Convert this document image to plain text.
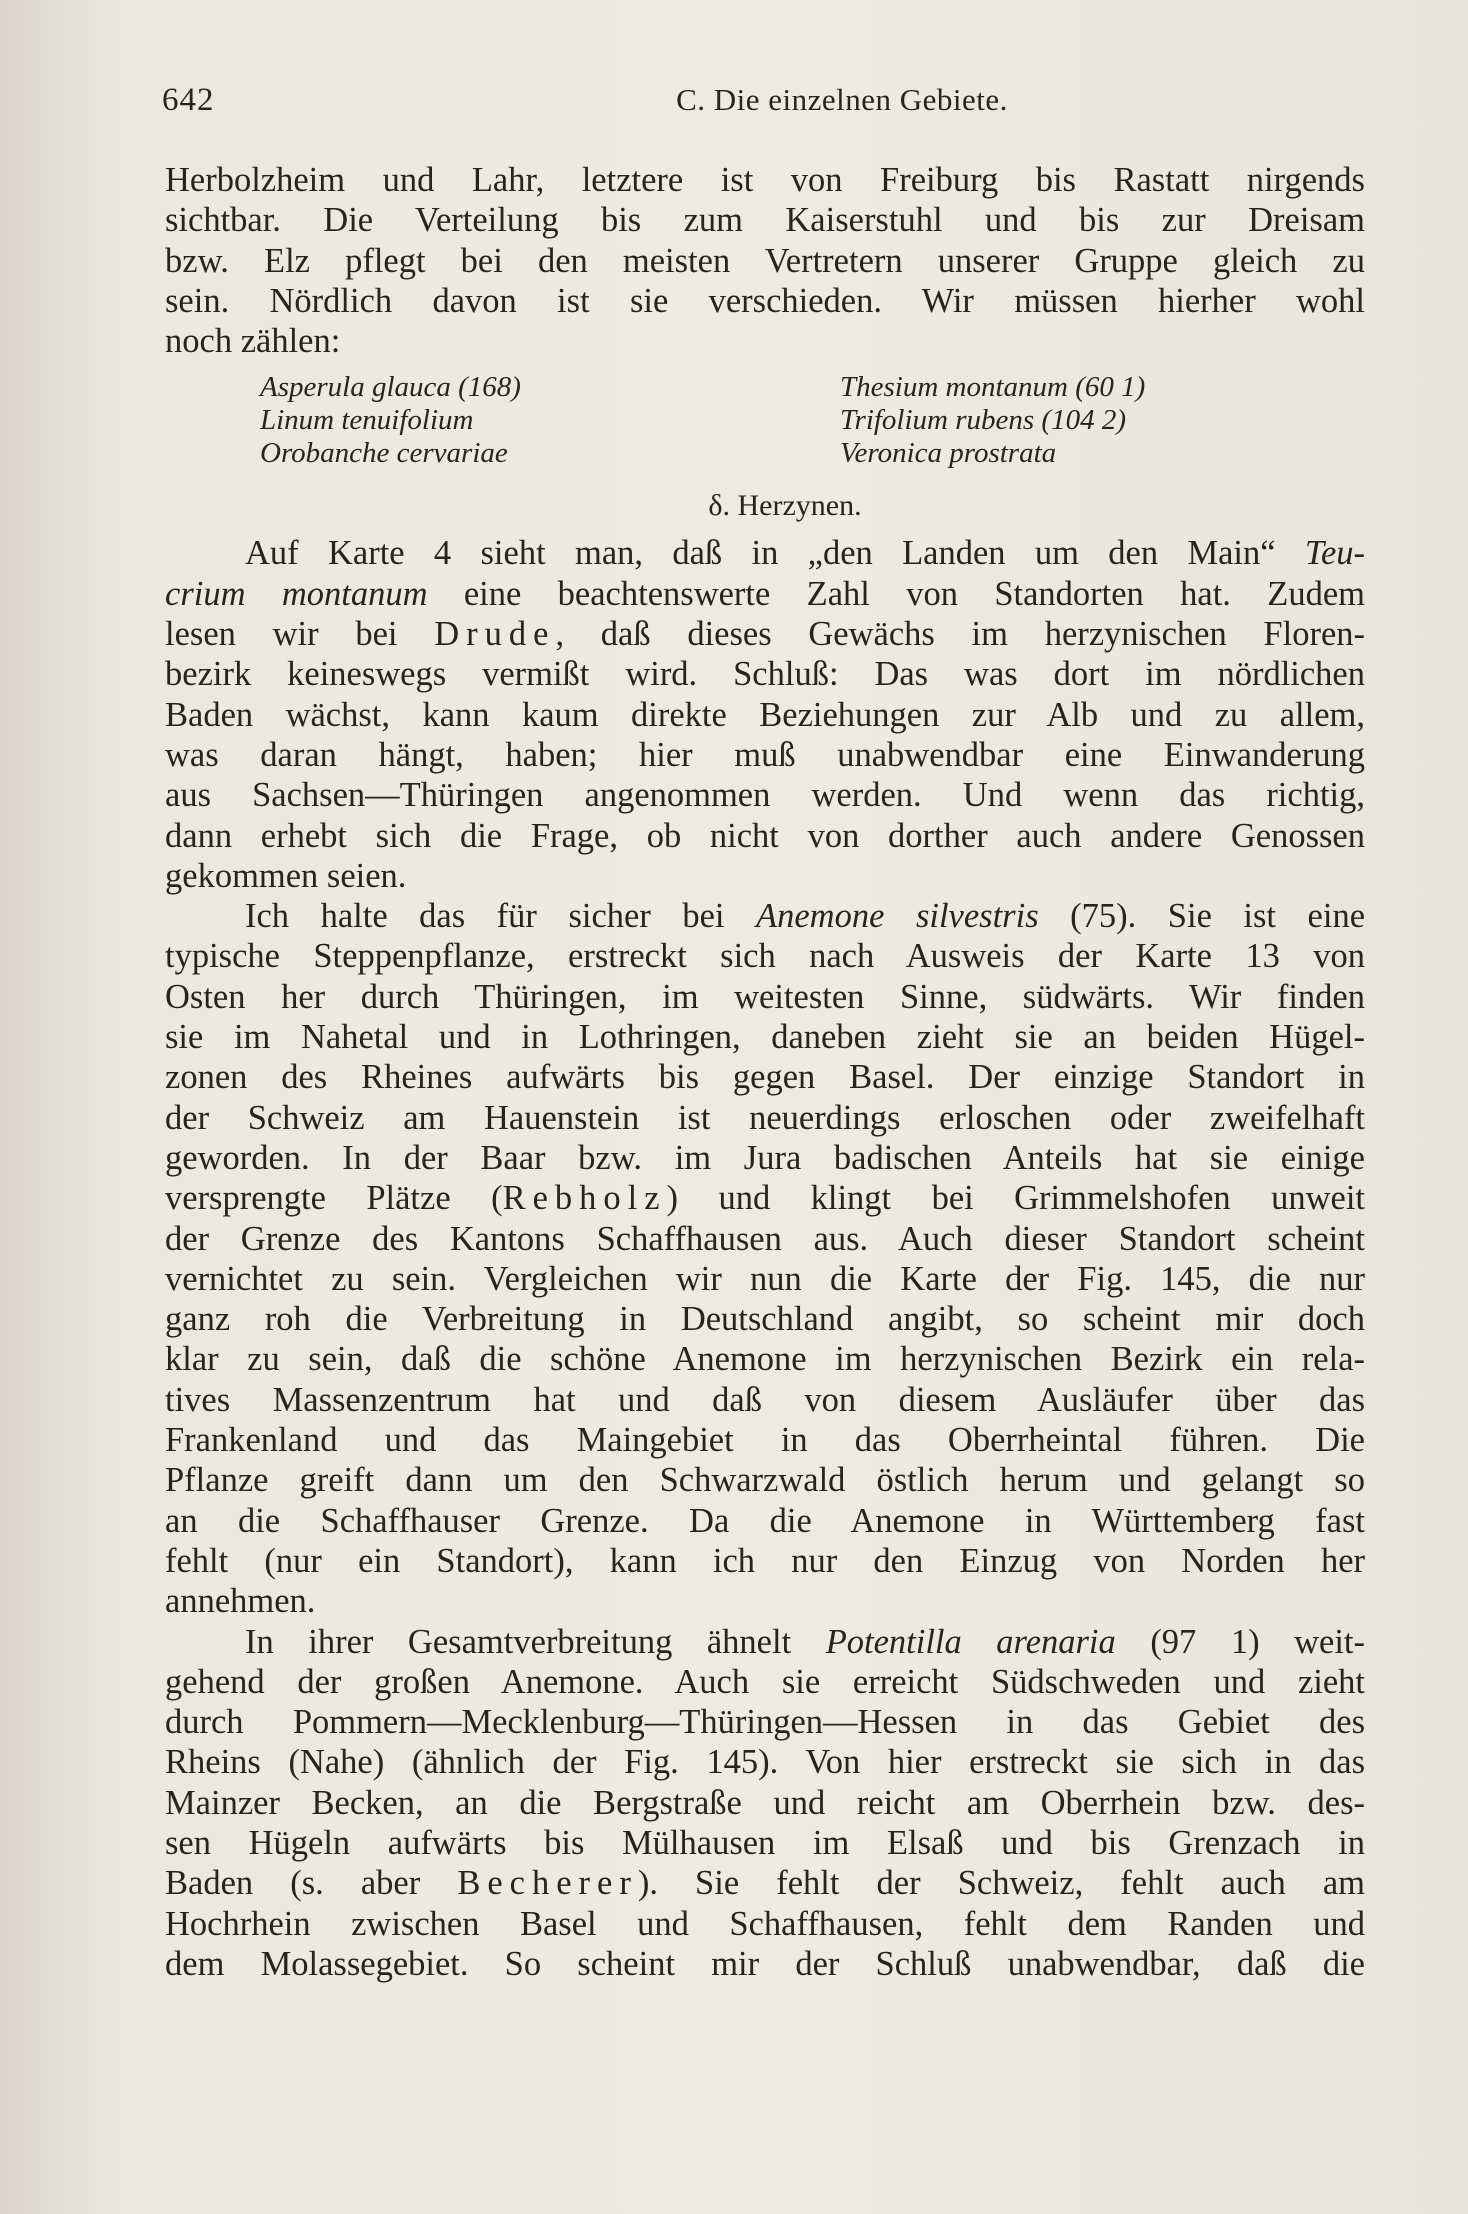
642	C. Die einzelnen Gebiete.
Herbolzheim und Lahr, letztere ist von Freiburg bis Rastatt nirgends
sichtbar. Die Verteilung bis zum Kaiserstuhl und bis zur Dreisam
bzw. Elz pflegt bei den meisten Vertretern unserer Gruppe gleich zu
sein. Nördlich davon ist sie verschieden. Wir müssen hierher wohl
noch zählen:
Asperula glauca (168)
Linum tenuifolium
Orobanche cervariae
Thesium montanum (60 1)
Trifolium rubens (104 2)
Veronica prostrata
δ. Herzynen.
Auf Karte 4 sieht man, daß in „den Landen um den Main“ Teu-
crium montanum eine beachtenswerte Zahl von Standorten hat. Zudem
lesen wir bei Drude, daß dieses Gewächs im herzynischen Floren-
bezirk keineswegs vermißt wird. Schluß: Das was dort im nördlichen
Baden wächst, kann kaum direkte Beziehungen zur Alb und zu allem,
was daran hängt, haben; hier muß unabwendbar eine Einwanderung
aus Sachsen—Thüringen angenommen werden. Und wenn das richtig,
dann erhebt sich die Frage, ob nicht von dorther auch andere Genossen
gekommen seien.
Ich halte das für sicher bei Anemone silvestris (75). Sie ist eine
typische Steppenpflanze, erstreckt sich nach Ausweis der Karte 13 von
Osten her durch Thüringen, im weitesten Sinne, südwärts. Wir finden
sie im Nahetal und in Lothringen, daneben zieht sie an beiden Hügel-
zonen des Rheines aufwärts bis gegen Basel. Der einzige Standort in
der Schweiz am Hauenstein ist neuerdings erloschen oder zweifelhaft
geworden. In der Baar bzw. im Jura badischen Anteils hat sie einige
versprengte Plätze (Rebholz) und klingt bei Grimmelshofen unweit
der Grenze des Kantons Schaffhausen aus. Auch dieser Standort scheint
vernichtet zu sein. Vergleichen wir nun die Karte der Fig. 145, die nur
ganz roh die Verbreitung in Deutschland angibt, so scheint mir doch
klar zu sein, daß die schöne Anemone im herzynischen Bezirk ein rela-
tives Massenzentrum hat und daß von diesem Ausläufer über das
Frankenland und das Maingebiet in das Oberrheintal führen. Die
Pflanze greift dann um den Schwarzwald östlich herum und gelangt so
an die Schaffhauser Grenze. Da die Anemone in Württemberg fast
fehlt (nur ein Standort), kann ich nur den Einzug von Norden her
annehmen.
In ihrer Gesamtverbreitung ähnelt Potentilla arenaria (97 1) weit-
gehend der großen Anemone. Auch sie erreicht Südschweden und zieht
durch Pommern—Mecklenburg—Thüringen—Hessen in das Gebiet des
Rheins (Nahe) (ähnlich der Fig. 145). Von hier erstreckt sie sich in das
Mainzer Becken, an die Bergstraße und reicht am Oberrhein bzw. des-
sen Hügeln aufwärts bis Mülhausen im Elsaß und bis Grenzach in
Baden (s. aber Becherer). Sie fehlt der Schweiz, fehlt auch am
Hochrhein zwischen Basel und Schaffhausen, fehlt dem Randen und
dem Molassegebiet. So scheint mir der Schluß unabwendbar, daß die
